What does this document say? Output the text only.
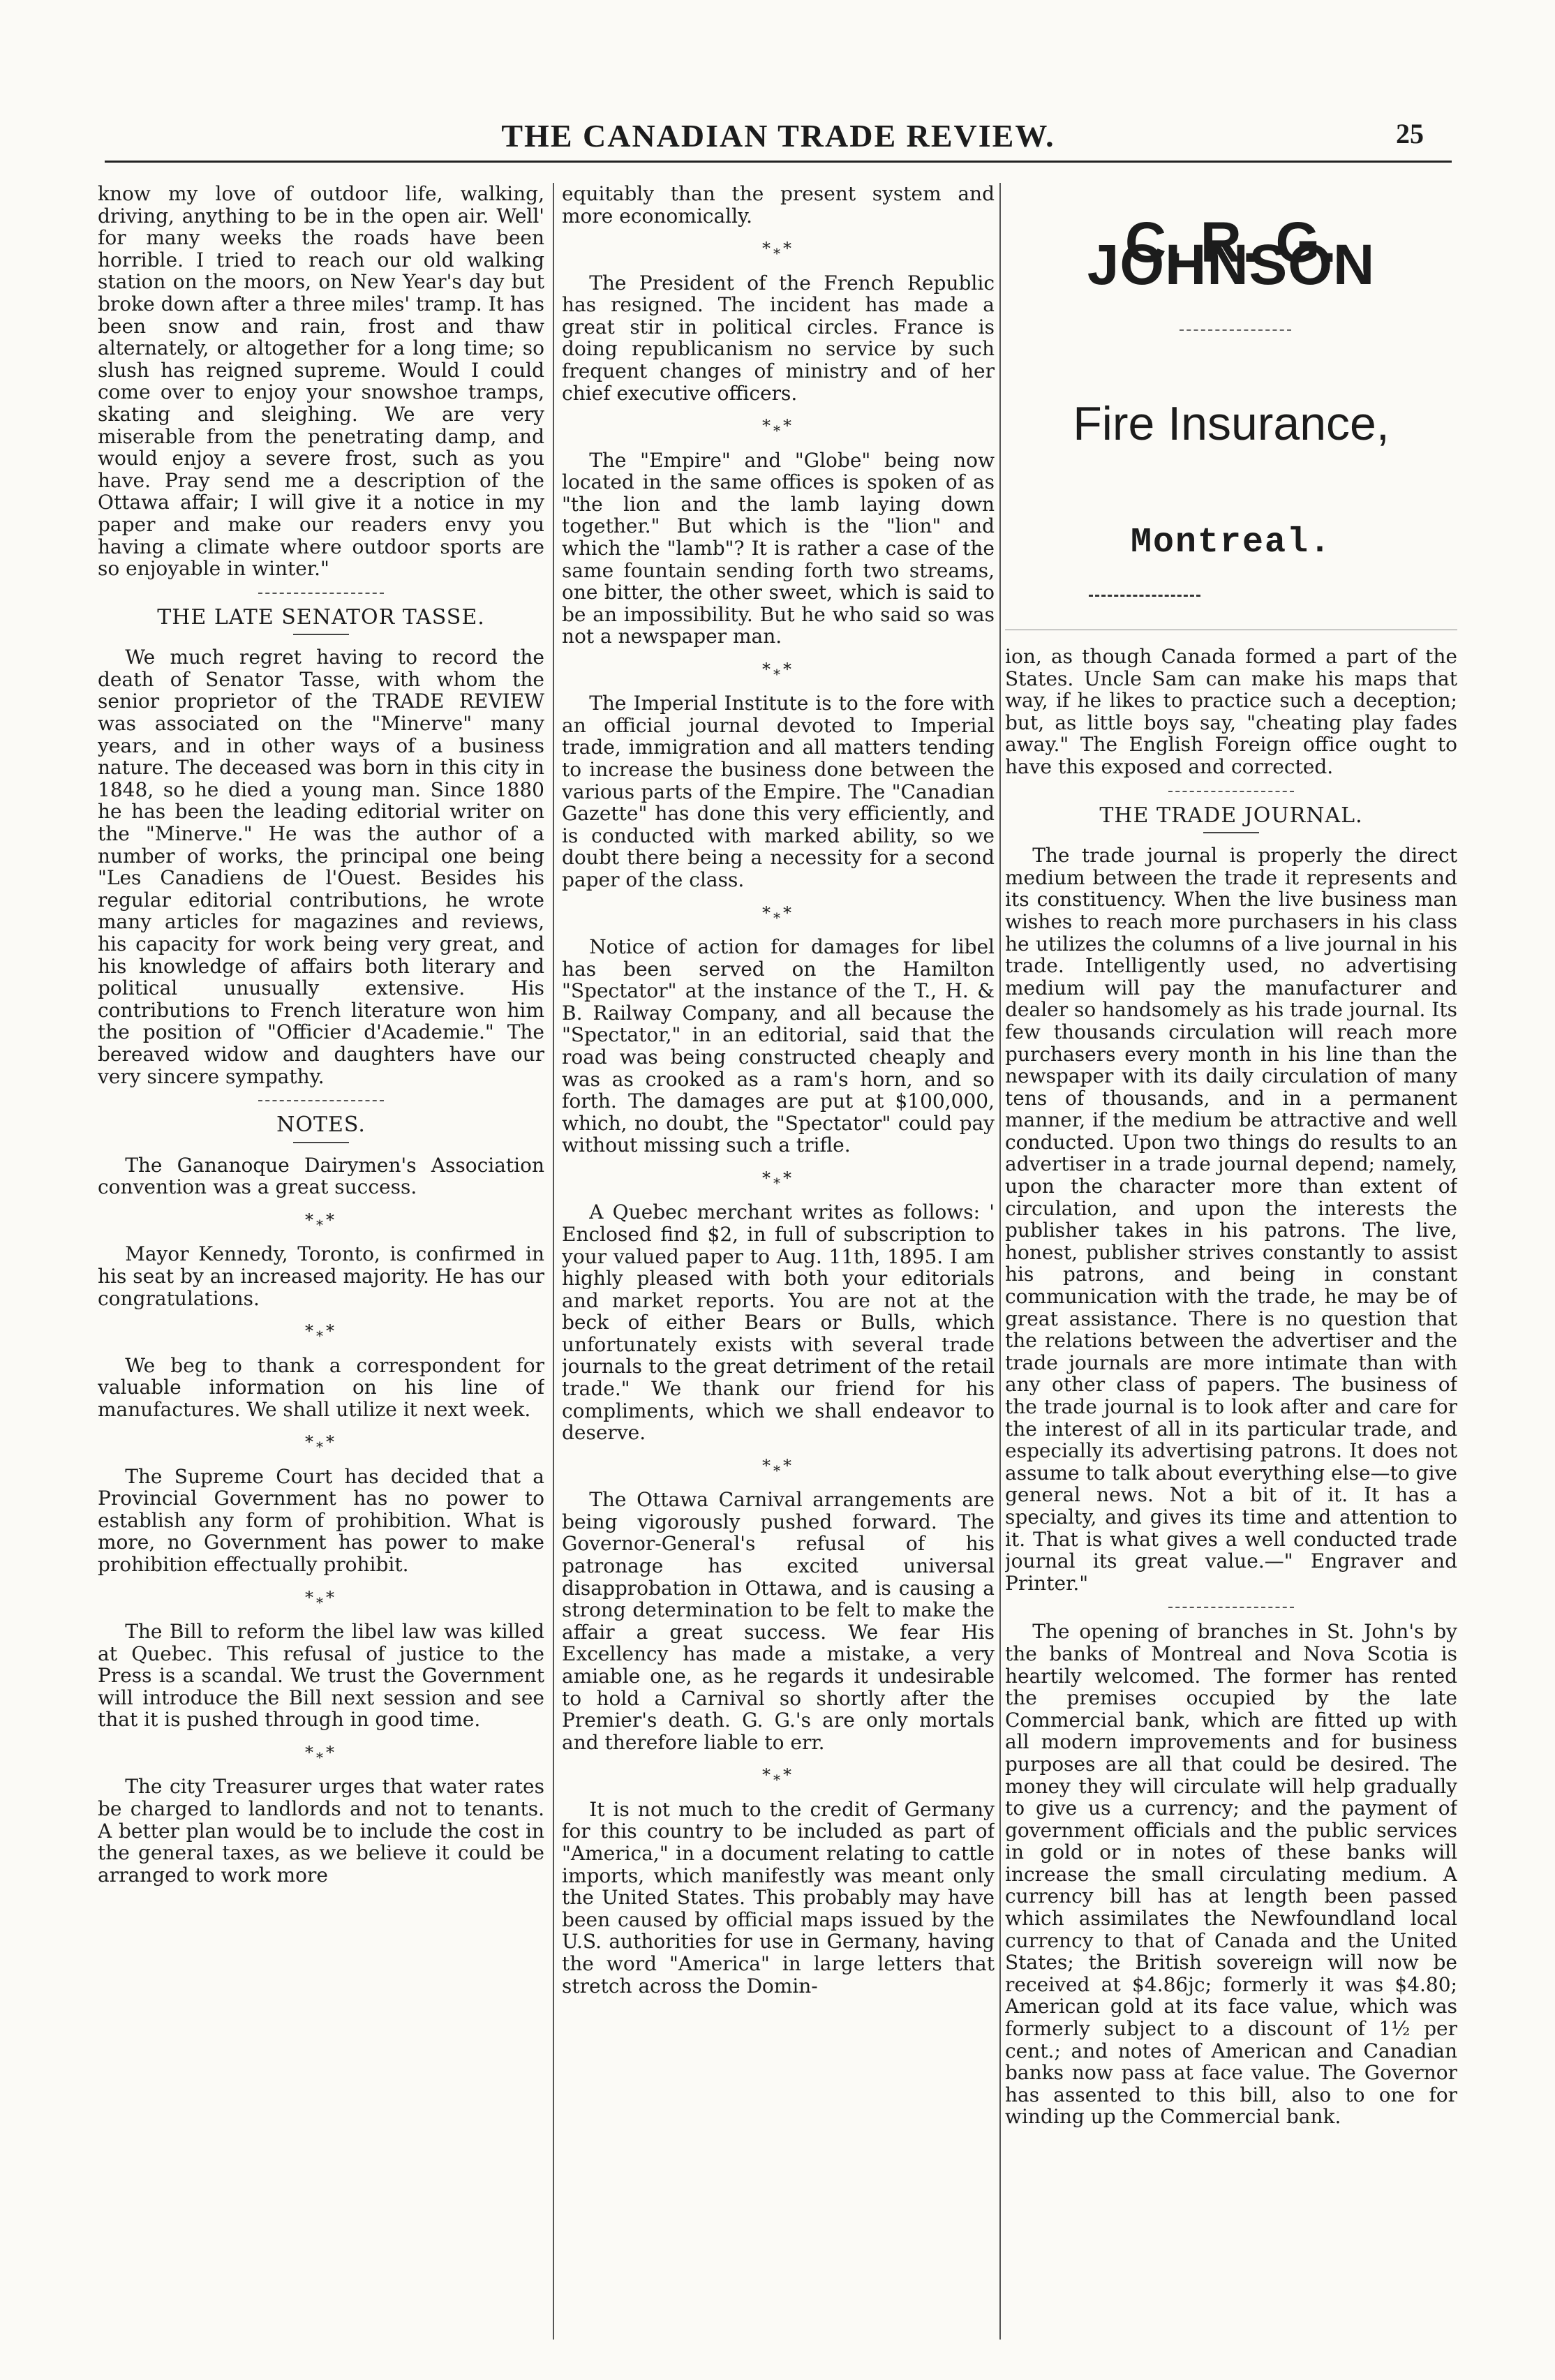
THE CANADIAN TRADE REVIEW.	25

know my love of outdoor life, walking, driving, anything to be in the open air. Well' for many weeks the roads have been horrible. I tried to reach our old walking station on the moors, on New Year's day but broke down after a three miles' tramp. It has been snow and rain, frost and thaw alternately, or altogether for a long time; so slush has reigned supreme. Would I could come over to enjoy your snowshoe tramps, skating and sleighing. We are very miserable from the penetrating damp, and would enjoy a severe frost, such as you have. Pray send me a description of the Ottawa affair; I will give it a notice in my paper and make our readers envy you having a climate where outdoor sports are so enjoyable in winter."

THE LATE SENATOR TASSE.

We much regret having to record the death of Senator Tasse, with whom the senior proprietor of the TRADE REVIEW was associated on the "Minerve" many years, and in other ways of a business nature. The deceased was born in this city in 1848, so he died a young man. Since 1880 he has been the leading editorial writer on the "Minerve." He was the author of a number of works, the principal one being "Les Canadiens de l'Ouest. Besides his regular editorial contributions, he wrote many articles for magazines and reviews, his capacity for work being very great, and his knowledge of affairs both literary and political unusually extensive. His contributions to French literature won him the position of "Officier d'Academie." The bereaved widow and daughters have our very sincere sympathy.

NOTES.

The Gananoque Dairymen's Association convention was a great success.

$*_**$

Mayor Kennedy, Toronto, is confirmed in his seat by an increased majority. He has our congratulations.

$*_**$

We beg to thank a correspondent for valuable information on his line of manufactures. We shall utilize it next week.

$*_**$

The Supreme Court has decided that a Provincial Government has no power to establish any form of prohibition. What is more, no Government has power to make prohibition effectually prohibit.

$*_**$

The Bill to reform the libel law was killed at Quebec. This refusal of justice to the Press is a scandal. We trust the Government will introduce the Bill next session and see that it is pushed through in good time.

$*_**$

The city Treasurer urges that water rates be charged to landlords and not to tenants. A better plan would be to include the cost in the general taxes, as we believe it could be arranged to work more

equitably than the present system and more economically.

$*_**$

The President of the French Republic has resigned. The incident has made a great stir in political circles. France is doing republicanism no service by such frequent changes of ministry and of her chief executive officers.

$*_**$

The "Empire" and "Globe" being now located in the same offices is spoken of as "the lion and the lamb laying down together." But which is the "lion" and which the "lamb"? It is rather a case of the same fountain sending forth two streams, one bitter, the other sweet, which is said to be an impossibility. But he who said so was not a newspaper man.

$*_**$

The Imperial Institute is to the fore with an official journal devoted to Imperial trade, immigration and all matters tending to increase the business done between the various parts of the Empire. The "Canadian Gazette" has done this very efficiently, and is conducted with marked ability, so we doubt there being a necessity for a second paper of the class.

$*_**$

Notice of action for damages for libel has been served on the Hamilton "Spectator" at the instance of the T., H. & B. Railway Company, and all because the "Spectator," in an editorial, said that the road was being constructed cheaply and was as crooked as a ram's horn, and so forth. The damages are put at $100,000, which, no doubt, the "Spectator" could pay without missing such a trifle.

$*_**$

A Quebec merchant writes as follows: ' Enclosed find $2, in full of subscription to your valued paper to Aug. 11th, 1895. I am highly pleased with both your editorials and market reports. You are not at the beck of either Bears or Bulls, which unfortunately exists with several trade journals to the great detriment of the retail trade." We thank our friend for his compliments, which we shall endeavor to deserve.

$*_**$

The Ottawa Carnival arrangements are being vigorously pushed forward. The Governor-General's refusal of his patronage has excited universal disapprobation in Ottawa, and is causing a strong determination to be felt to make the affair a great success. We fear His Excellency has made a mistake, a very amiable one, as he regards it undesirable to hold a Carnival so shortly after the Premier's death. G. G.'s are only mortals and therefore liable to err.

$*_**$

It is not much to the credit of Germany for this country to be included as part of "America," in a document relating to cattle imports, which manifestly was meant only the United States. This probably may have been caused by official maps issued by the U.S. authorities for use in Germany, having the word "America" in large letters that stretch across the Domin-

C. R. G. JOHNSON
Fire Insurance,
Montreal.

ion, as though Canada formed a part of the States. Uncle Sam can make his maps that way, if he likes to practice such a deception; but, as little boys say, "cheating play fades away." The English Foreign office ought to have this exposed and corrected.

THE TRADE JOURNAL.

The trade journal is properly the direct medium between the trade it represents and its constituency. When the live business man wishes to reach more purchasers in his class he utilizes the columns of a live journal in his trade. Intelligently used, no advertising medium will pay the manufacturer and dealer so handsomely as his trade journal. Its few thousands circulation will reach more purchasers every month in his line than the newspaper with its daily circulation of many tens of thousands, and in a permanent manner, if the medium be attractive and well conducted. Upon two things do results to an advertiser in a trade journal depend; namely, upon the character more than extent of circulation, and upon the interests the publisher takes in his patrons. The live, honest, publisher strives constantly to assist his patrons, and being in constant communication with the trade, he may be of great assistance. There is no question that the relations between the advertiser and the trade journals are more intimate than with any other class of papers. The business of the trade journal is to look after and care for the interest of all in its particular trade, and especially its advertising patrons. It does not assume to talk about everything else—to give general news. Not a bit of it. It has a specialty, and gives its time and attention to it. That is what gives a well conducted trade journal its great value.—" Engraver and Printer."

The opening of branches in St. John's by the banks of Montreal and Nova Scotia is heartily welcomed. The former has rented the premises occupied by the late Commercial bank, which are fitted up with all modern improvements and for business purposes are all that could be desired. The money they will circulate will help gradually to give us a currency; and the payment of government officials and the public services in gold or in notes of these banks will increase the small circulating medium. A currency bill has at length been passed which assimilates the Newfoundland local currency to that of Canada and the United States; the British sovereign will now be received at $4.86jc; formerly it was $4.80; American gold at its face value, which was formerly subject to a discount of 1½ per cent.; and notes of American and Canadian banks now pass at face value. The Governor has assented to this bill, also to one for winding up the Commercial bank.
